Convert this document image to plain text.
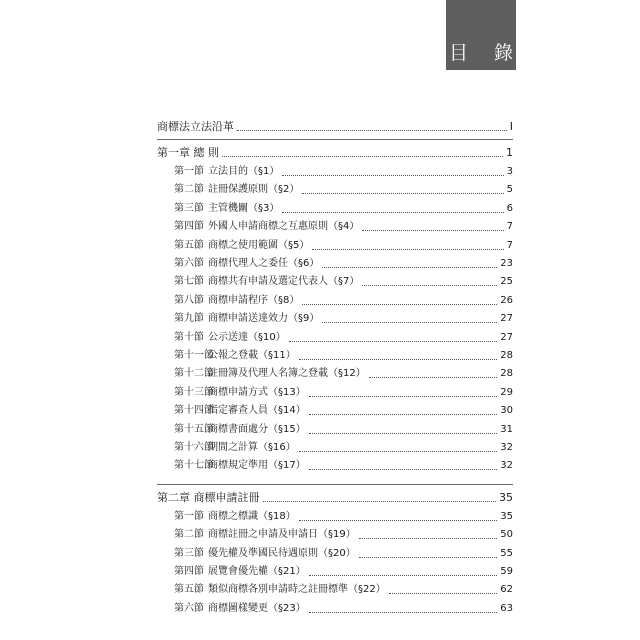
目 錄
商標法立法沿革	I
第一章 總 則	1
第一節 立法目的（§1）	3
第二節 註冊保護原則（§2）	5
第三節 主管機關（§3）	6
第四節 外國人申請商標之互惠原則（§4）	7
第五節 商標之使用範圍（§5）	7
第六節 商標代理人之委任（§6）	23
第七節 商標共有申請及選定代表人（§7）	25
第八節 商標申請程序（§8）	26
第九節 商標申請送達效力（§9）	27
第十節 公示送達（§10）	27
第十一節公報之登載（§11）	28
第十二節註冊簿及代理人名簿之登載（§12）	28
第十三節商標申請方式（§13）	29
第十四節指定審查人員（§14）	30
第十五節商標書面處分（§15）	31
第十六節期間之計算（§16）	32
第十七節商標規定準用（§17）	32
第二章 商標申請註冊	35
第一節 商標之標識（§18）	35
第二節 商標註冊之申請及申請日（§19）	50
第三節 優先權及準國民待遇原則（§20）	55
第四節 展覽會優先權（§21）	59
第五節 類似商標各別申請時之註冊標準（§22）	62
第六節 商標圖樣變更（§23）	63
